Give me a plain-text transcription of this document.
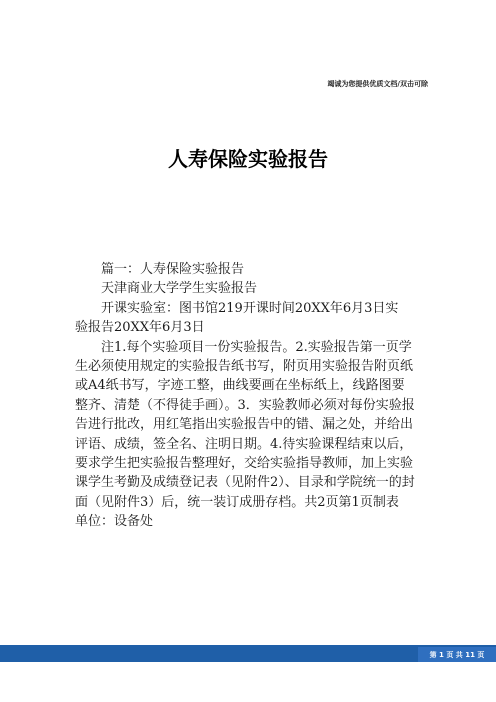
竭诚为您提供优质文档/双击可除
人寿保险实验报告

篇一：人寿保险实验报告

天津商业大学学生实验报告

开课实验室：图书馆219开课时间20XX年6月3日实

验报告20XX年6月3日

注1.每个实验项目一份实验报告。2.实验报告第一页学

生必须使用规定的实验报告纸书写，附页用实验报告附页纸

或A4纸书写，字迹工整，曲线要画在坐标纸上，线路图要

整齐、清楚（不得徒手画）。3．实验教师必须对每份实验报

告进行批改，用红笔指出实验报告中的错、漏之处，并给出

评语、成绩，签全名、注明日期。4.待实验课程结束以后，

要求学生把实验报告整理好，交给实验指导教师，加上实验

课学生考勤及成绩登记表（见附件2）、目录和学院统一的封

面（见附件3）后，统一装订成册存档。共2页第1页制表

单位：设备处

第 1 页 共 11 页
